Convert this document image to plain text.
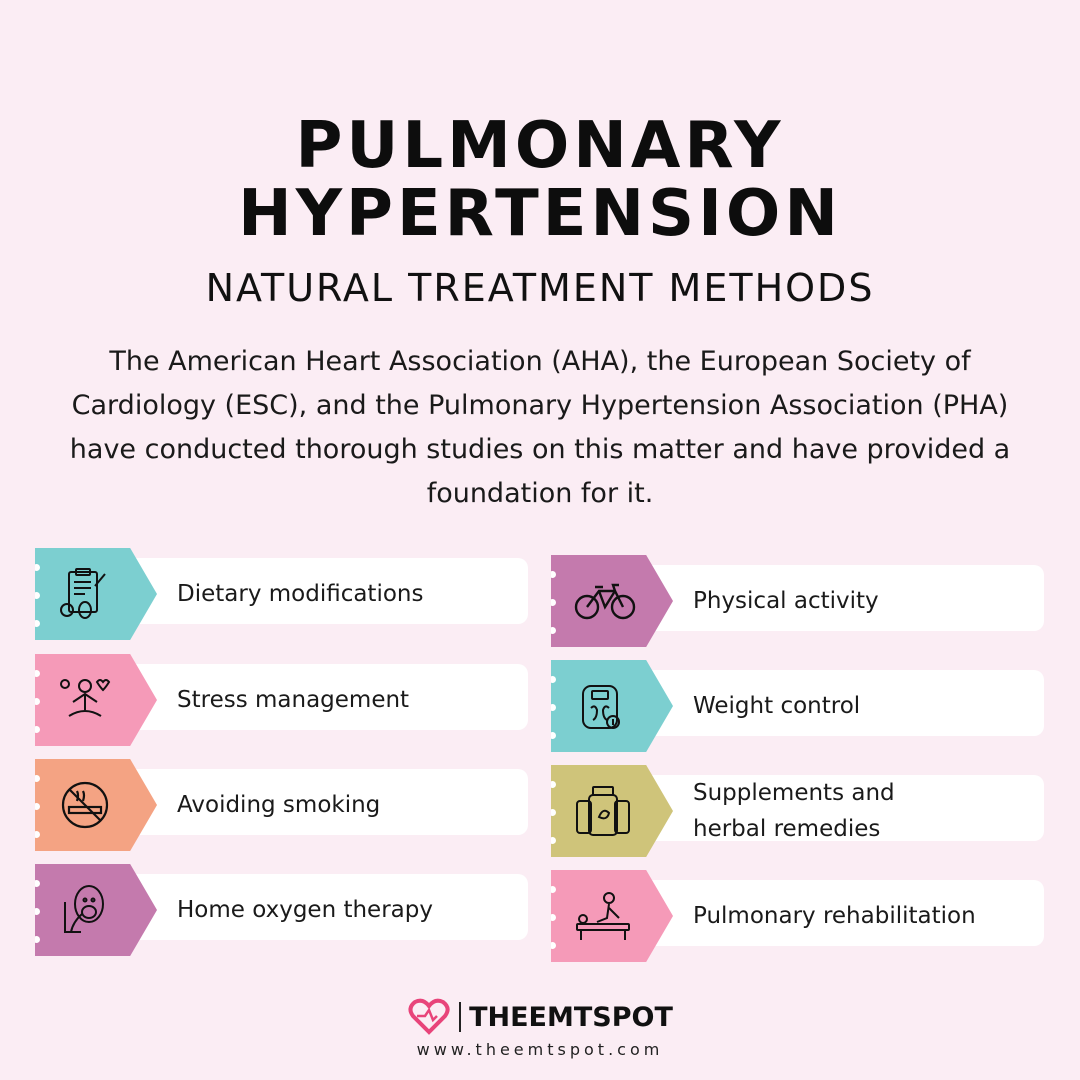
PULMONARY
HYPERTENSION
NATURAL TREATMENT METHODS

The American Heart Association (AHA), the European Society of Cardiology (ESC), and the Pulmonary Hypertension Association (PHA) have conducted thorough studies on this matter and have provided a foundation for it.

Dietary modifications
Stress management
Avoiding smoking
Home oxygen therapy
Physical activity
Weight control
Supplements and herbal remedies
Pulmonary rehabilitation
THEEMTSPOT
www.theemtspot.com
